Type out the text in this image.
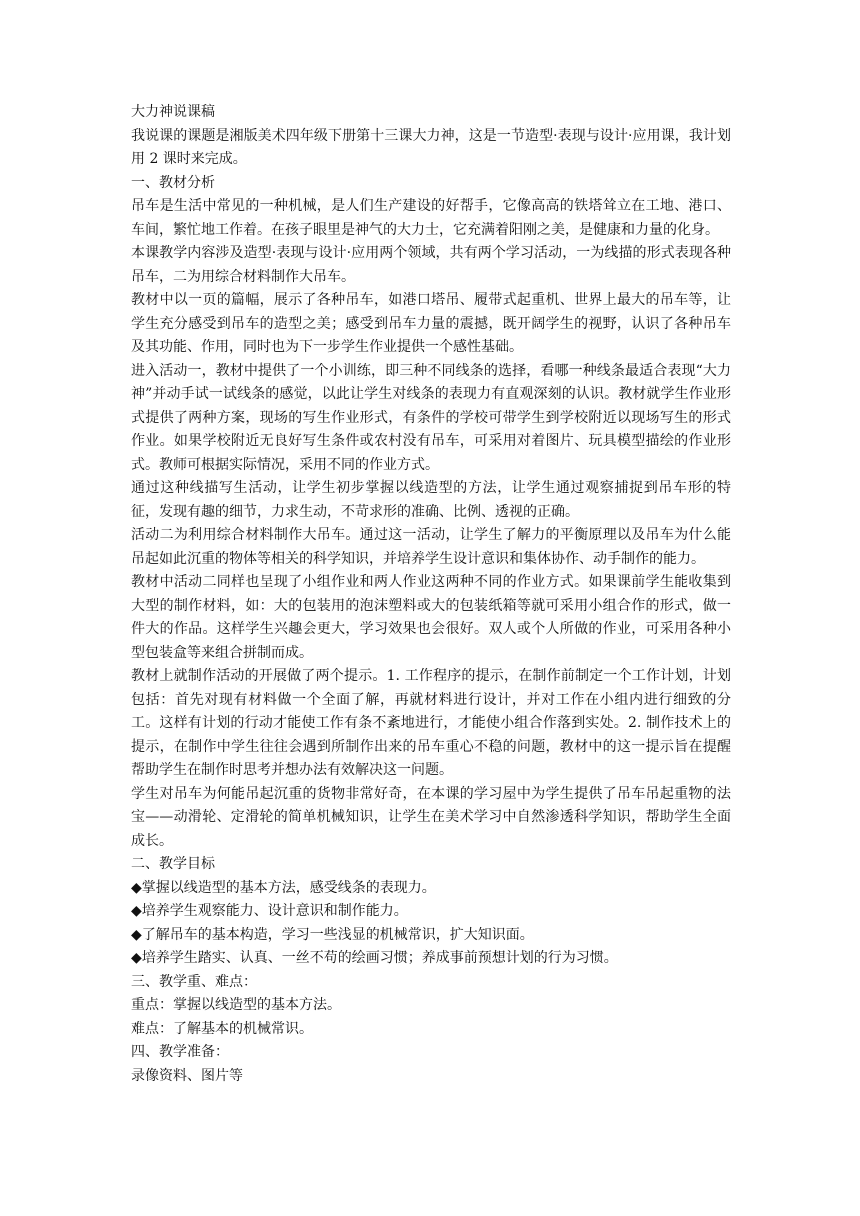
大力神说课稿

我说课的课题是湘版美术四年级下册第十三课大力神，这是一节造型·表现与设计·应用课，我计划用 2 课时来完成。

一、教材分析

吊车是生活中常见的一种机械，是人们生产建设的好帮手，它像高高的铁塔耸立在工地、港口、车间，繁忙地工作着。在孩子眼里是神气的大力士，它充满着阳刚之美，是健康和力量的化身。

本课教学内容涉及造型·表现与设计·应用两个领域，共有两个学习活动，一为线描的形式表现各种吊车，二为用综合材料制作大吊车。

教材中以一页的篇幅，展示了各种吊车，如港口塔吊、履带式起重机、世界上最大的吊车等，让学生充分感受到吊车的造型之美；感受到吊车力量的震撼，既开阔学生的视野，认识了各种吊车及其功能、作用，同时也为下一步学生作业提供一个感性基础。

进入活动一，教材中提供了一个小训练，即三种不同线条的选择，看哪一种线条最适合表现“大力神”并动手试一试线条的感觉，以此让学生对线条的表现力有直观深刻的认识。教材就学生作业形式提供了两种方案，现场的写生作业形式，有条件的学校可带学生到学校附近以现场写生的形式作业。如果学校附近无良好写生条件或农村没有吊车，可采用对着图片、玩具模型描绘的作业形式。教师可根据实际情况，采用不同的作业方式。

通过这种线描写生活动，让学生初步掌握以线造型的方法，让学生通过观察捕捉到吊车形的特征，发现有趣的细节，力求生动，不苛求形的准确、比例、透视的正确。

活动二为利用综合材料制作大吊车。通过这一活动，让学生了解力的平衡原理以及吊车为什么能吊起如此沉重的物体等相关的科学知识，并培养学生设计意识和集体协作、动手制作的能力。

教材中活动二同样也呈现了小组作业和两人作业这两种不同的作业方式。如果课前学生能收集到大型的制作材料，如：大的包装用的泡沫塑料或大的包装纸箱等就可采用小组合作的形式，做一件大的作品。这样学生兴趣会更大，学习效果也会很好。双人或个人所做的作业，可采用各种小型包装盒等来组合拼制而成。

教材上就制作活动的开展做了两个提示。1. 工作程序的提示，在制作前制定一个工作计划，计划包括：首先对现有材料做一个全面了解，再就材料进行设计，并对工作在小组内进行细致的分工。这样有计划的行动才能使工作有条不紊地进行，才能使小组合作落到实处。2. 制作技术上的提示，在制作中学生往往会遇到所制作出来的吊车重心不稳的问题，教材中的这一提示旨在提醒帮助学生在制作时思考并想办法有效解决这一问题。

学生对吊车为何能吊起沉重的货物非常好奇，在本课的学习屋中为学生提供了吊车吊起重物的法宝——动滑轮、定滑轮的简单机械知识，让学生在美术学习中自然渗透科学知识，帮助学生全面成长。

二、教学目标

◆掌握以线造型的基本方法，感受线条的表现力。

◆培养学生观察能力、设计意识和制作能力。

◆了解吊车的基本构造，学习一些浅显的机械常识，扩大知识面。

◆培养学生踏实、认真、一丝不苟的绘画习惯；养成事前预想计划的行为习惯。

三、教学重、难点：

重点：掌握以线造型的基本方法。

难点：了解基本的机械常识。

四、教学准备：

录像资料、图片等
